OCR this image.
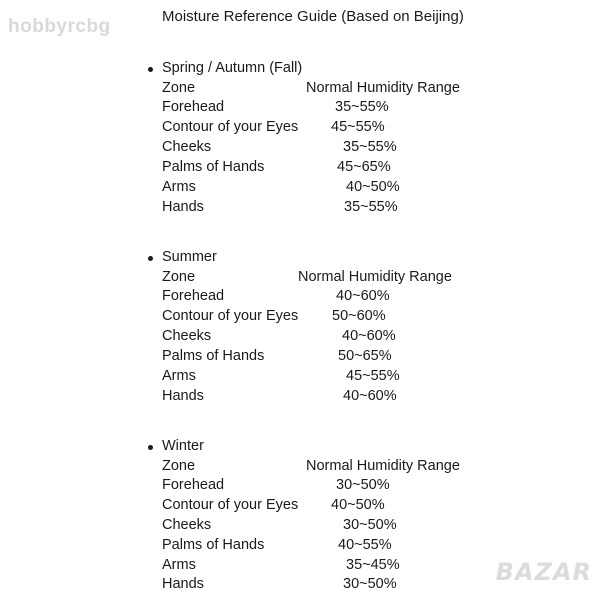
hobbyrcbg	Moisture Reference Guide (Based on Beijing)
Spring / Autumn (Fall)
Zone	Normal Humidity Range
Forehead	35~55%
Contour of your Eyes 45~55%
Cheeks	35~55%
Palms of Hands	45~65%
Arms	40~50%
Hands	35~55%
Summer
Zone	Normal Humidity Range
Forehead	40~60%
Contour of your Eyes 50~60%
Cheeks	40~60%
Palms of Hands	50~65%
Arms	45~55%
Hands	40~60%
Winter
Zone	Normal Humidity Range
Forehead	30~50%
Contour of your Eyes 40~50%
Cheeks	30~50%
Palms of Hands	40~55%
Arms	35~45%
Hands	30~50%	BAZAR
